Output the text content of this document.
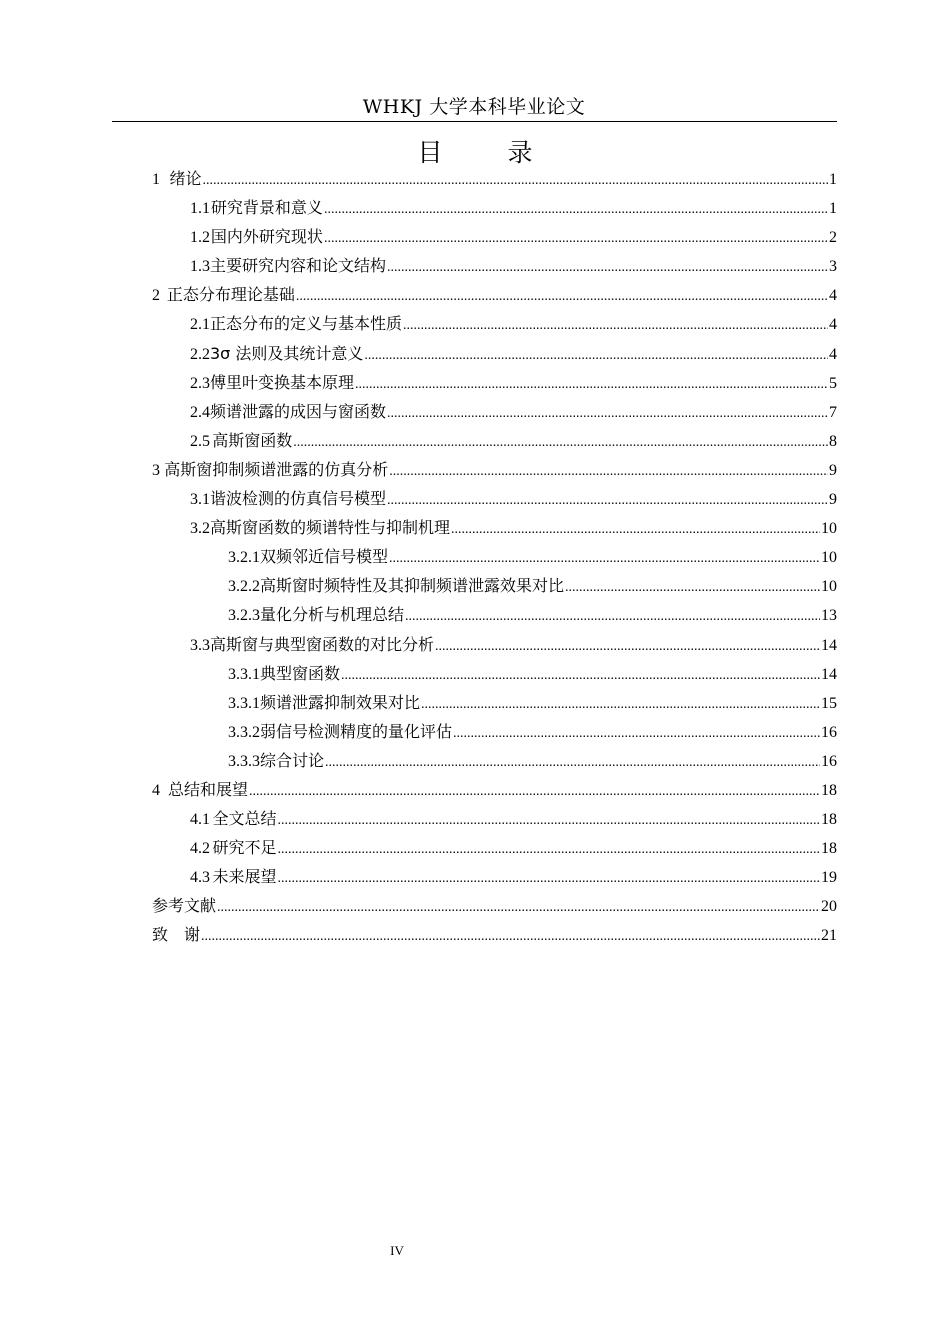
WHKJ 大学本科毕业论文
目　录
1 绪论 .....	1
1.1 研究背景和意义 .....	1
1.2 国内外研究现状 .....	2
1.3 主要研究内容和论文结构 .....	3
2 正态分布理论基础 .....	4
2.1 正态分布的定义与基本性质 .....	4
2.2 3σ 法则及其统计意义 .....	4
2.3 傅里叶变换基本原理 .....	5
2.4 频谱泄露的成因与窗函数 .....	7
2.5 高斯窗函数 .....	8
3 高斯窗抑制频谱泄露的仿真分析 .....	9
3.1 谐波检测的仿真信号模型 .....	9
3.2 高斯窗函数的频谱特性与抑制机理 .....	10
3.2.1 双频邻近信号模型 .....	10
3.2.2 高斯窗时频特性及其抑制频谱泄露效果对比 .....	10
3.2.3 量化分析与机理总结 .....	13
3.3 高斯窗与典型窗函数的对比分析 .....	14
3.3.1 典型窗函数 .....	14
3.3.1 频谱泄露抑制效果对比 .....	15
3.3.2 弱信号检测精度的量化评估 .....	16
3.3.3 综合讨论 .....	16
4 总结和展望 .....	18
4.1 全文总结 .....	18
4.2 研究不足 .....	18
4.3 未来展望 .....	19
参考文献 .....	20
致　谢 .....	21
IV
